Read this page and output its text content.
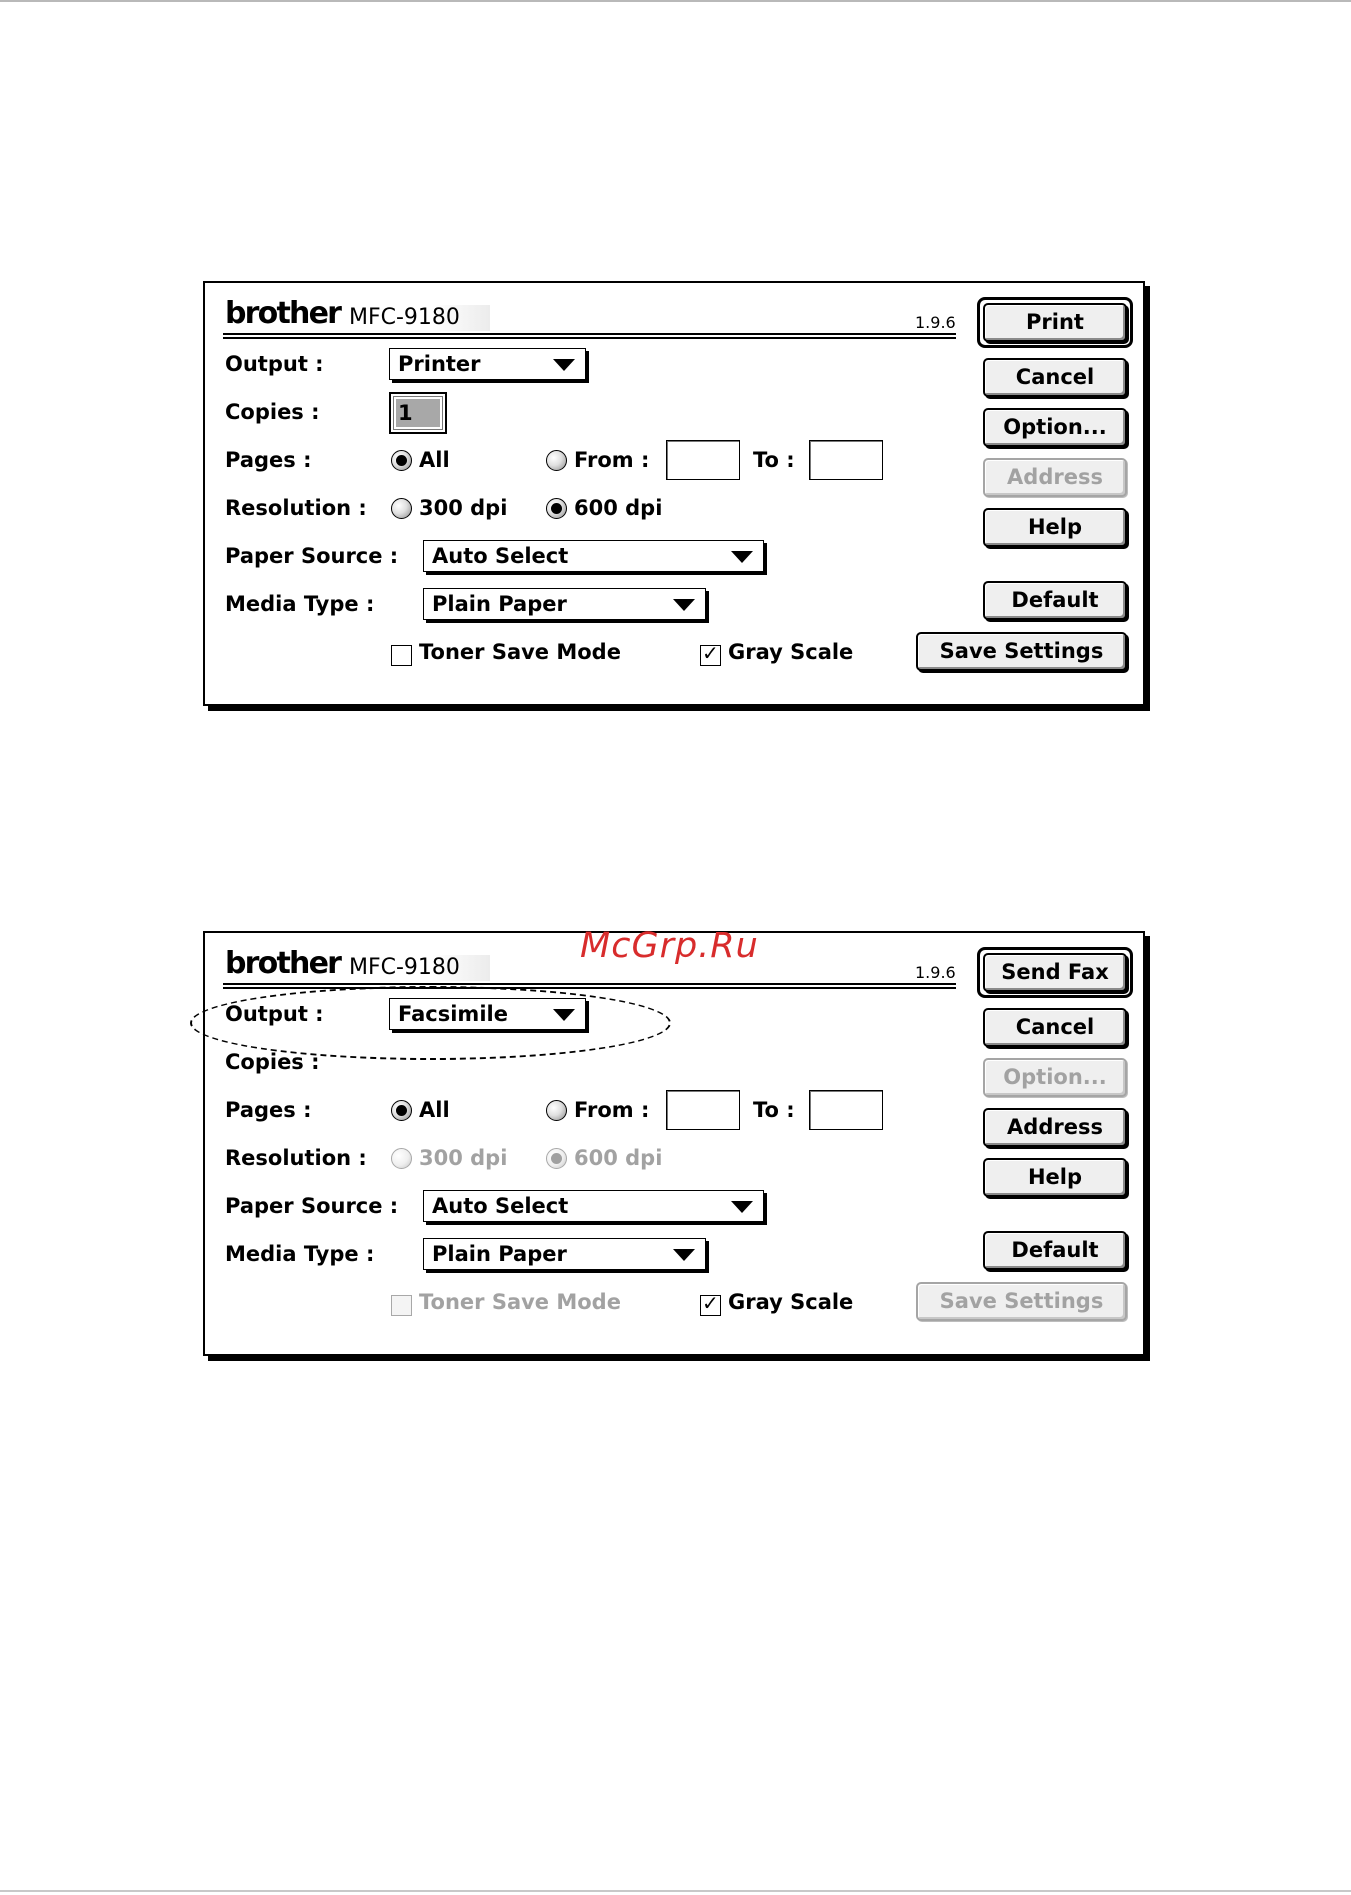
brother MFC-9180	1.9.6
Output :	Printer
Copies :	1
Pages :	All	From :	To :
Resolution : 300 dpi	600 dpi
Paper Source : Auto Select
Media Type :	Plain Paper
Toner Save Mode	✓ Gray Scale
Print
Cancel
Option...
Address
Help
Default
Save Settings
brother MFC-9180	1.9.6
Output :	Facsimile
Copies :
Pages :	All	From :	To :
Resolution : 300 dpi	600 dpi
Paper Source : Auto Select
Media Type :	Plain Paper
Toner Save Mode	✓ Gray Scale
Send Fax
Cancel
Option...
Address
Help
Default
Save Settings
McGrp.Ru
